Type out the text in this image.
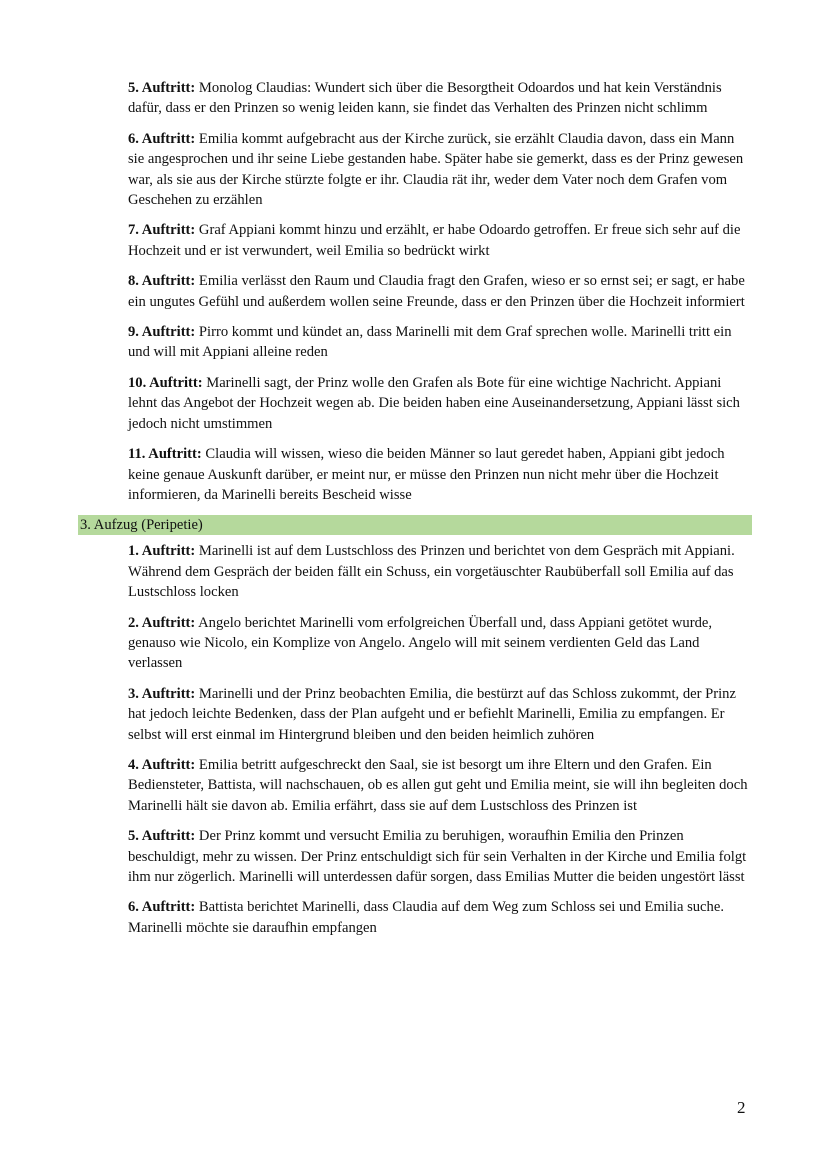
5. Auftritt: Monolog Claudias: Wundert sich über die Besorgtheit Odoardos und hat kein Verständnis dafür, dass er den Prinzen so wenig leiden kann, sie findet das Verhalten des Prinzen nicht schlimm

6. Auftritt: Emilia kommt aufgebracht aus der Kirche zurück, sie erzählt Claudia davon, dass ein Mann sie angesprochen und ihr seine Liebe gestanden habe. Später habe sie gemerkt, dass es der Prinz gewesen war, als sie aus der Kirche stürzte folgte er ihr. Claudia rät ihr, weder dem Vater noch dem Grafen vom Geschehen zu erzählen

7. Auftritt: Graf Appiani kommt hinzu und erzählt, er habe Odoardo getroffen. Er freue sich sehr auf die Hochzeit und er ist verwundert, weil Emilia so bedrückt wirkt

8. Auftritt: Emilia verlässt den Raum und Claudia fragt den Grafen, wieso er so ernst sei; er sagt, er habe ein ungutes Gefühl und außerdem wollen seine Freunde, dass er den Prinzen über die Hochzeit informiert

9. Auftritt: Pirro kommt und kündet an, dass Marinelli mit dem Graf sprechen wolle. Marinelli tritt ein und will mit Appiani alleine reden

10. Auftritt: Marinelli sagt, der Prinz wolle den Grafen als Bote für eine wichtige Nachricht. Appiani lehnt das Angebot der Hochzeit wegen ab. Die beiden haben eine Auseinandersetzung, Appiani lässt sich jedoch nicht umstimmen

11. Auftritt: Claudia will wissen, wieso die beiden Männer so laut geredet haben, Appiani gibt jedoch keine genaue Auskunft darüber, er meint nur, er müsse den Prinzen nun nicht mehr über die Hochzeit informieren, da Marinelli bereits Bescheid wisse

3. Aufzug (Peripetie)

1. Auftritt: Marinelli ist auf dem Lustschloss des Prinzen und berichtet von dem Gespräch mit Appiani. Während dem Gespräch der beiden fällt ein Schuss, ein vorgetäuschter Raubüberfall soll Emilia auf das Lustschloss locken

2. Auftritt: Angelo berichtet Marinelli vom erfolgreichen Überfall und, dass Appiani getötet wurde, genauso wie Nicolo, ein Komplize von Angelo. Angelo will mit seinem verdienten Geld das Land verlassen

3. Auftritt: Marinelli und der Prinz beobachten Emilia, die bestürzt auf das Schloss zukommt, der Prinz hat jedoch leichte Bedenken, dass der Plan aufgeht und er befiehlt Marinelli, Emilia zu empfangen. Er selbst will erst einmal im Hintergrund bleiben und den beiden heimlich zuhören

4. Auftritt: Emilia betritt aufgeschreckt den Saal, sie ist besorgt um ihre Eltern und den Grafen. Ein Bediensteter, Battista, will nachschauen, ob es allen gut geht und Emilia meint, sie will ihn begleiten doch Marinelli hält sie davon ab. Emilia erfährt, dass sie auf dem Lustschloss des Prinzen ist

5. Auftritt: Der Prinz kommt und versucht Emilia zu beruhigen, woraufhin Emilia den Prinzen beschuldigt, mehr zu wissen. Der Prinz entschuldigt sich für sein Verhalten in der Kirche und Emilia folgt ihm nur zögerlich. Marinelli will unterdessen dafür sorgen, dass Emilias Mutter die beiden ungestört lässt

6. Auftritt: Battista berichtet Marinelli, dass Claudia auf dem Weg zum Schloss sei und Emilia suche. Marinelli möchte sie daraufhin empfangen

2
